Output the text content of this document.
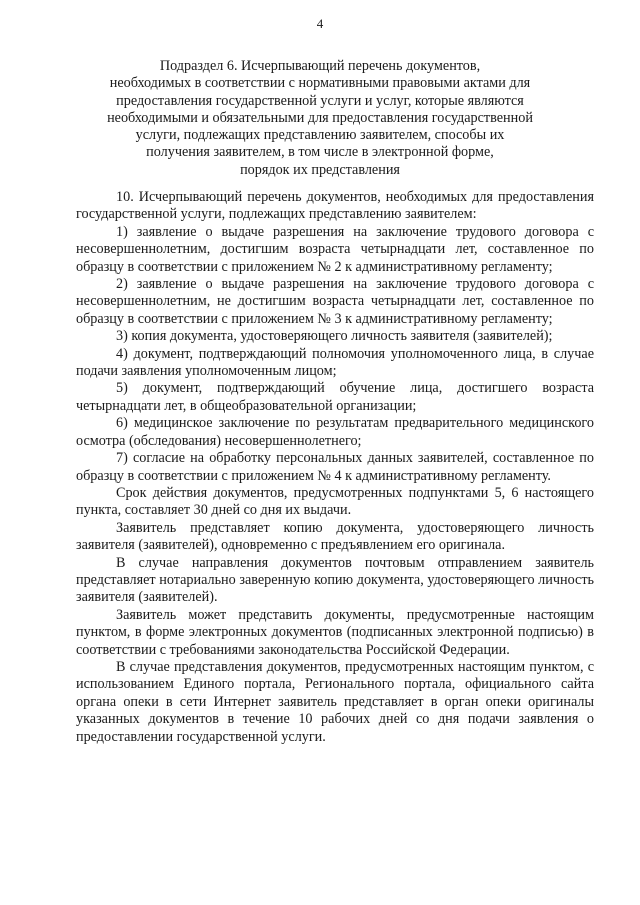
4
Подраздел 6. Исчерпывающий перечень документов,
необходимых в соответствии с нормативными правовыми актами для
предоставления государственной услуги и услуг, которые являются
необходимыми и обязательными для предоставления государственной
услуги, подлежащих представлению заявителем, способы их
получения заявителем, в том числе в электронной форме,
порядок их представления

10. Исчерпывающий перечень документов, необходимых для предоставления государственной услуги, подлежащих представлению заявителем:

1) заявление о выдаче разрешения на заключение трудового договора с несовершеннолетним, достигшим возраста четырнадцати лет, составленное по образцу в соответствии с приложением № 2 к административному регламенту;

2) заявление о выдаче разрешения на заключение трудового договора с несовершеннолетним, не достигшим возраста четырнадцати лет, составленное по образцу в соответствии с приложением № 3 к административному регламенту;

3) копия документа, удостоверяющего личность заявителя (заявителей);

4) документ, подтверждающий полномочия уполномоченного лица, в случае подачи заявления уполномоченным лицом;

5) документ, подтверждающий обучение лица, достигшего возраста четырнадцати лет, в общеобразовательной организации;

6) медицинское заключение по результатам предварительного медицинского осмотра (обследования) несовершеннолетнего;

7) согласие на обработку персональных данных заявителей, составленное по образцу в соответствии с приложением № 4 к административному регламенту.

Срок действия документов, предусмотренных подпунктами 5, 6 настоящего пункта, составляет 30 дней со дня их выдачи.

Заявитель представляет копию документа, удостоверяющего личность заявителя (заявителей), одновременно с предъявлением его оригинала.

В случае направления документов почтовым отправлением заявитель представляет нотариально заверенную копию документа, удостоверяющего личность заявителя (заявителей).

Заявитель может представить документы, предусмотренные настоящим пунктом, в форме электронных документов (подписанных электронной подписью) в соответствии с требованиями законодательства Российской Федерации.

В случае представления документов, предусмотренных настоящим пунктом, с использованием Единого портала, Регионального портала, официального сайта органа опеки в сети Интернет заявитель представляет в орган опеки оригиналы указанных документов в течение 10 рабочих дней со дня подачи заявления о предоставлении государственной услуги.
